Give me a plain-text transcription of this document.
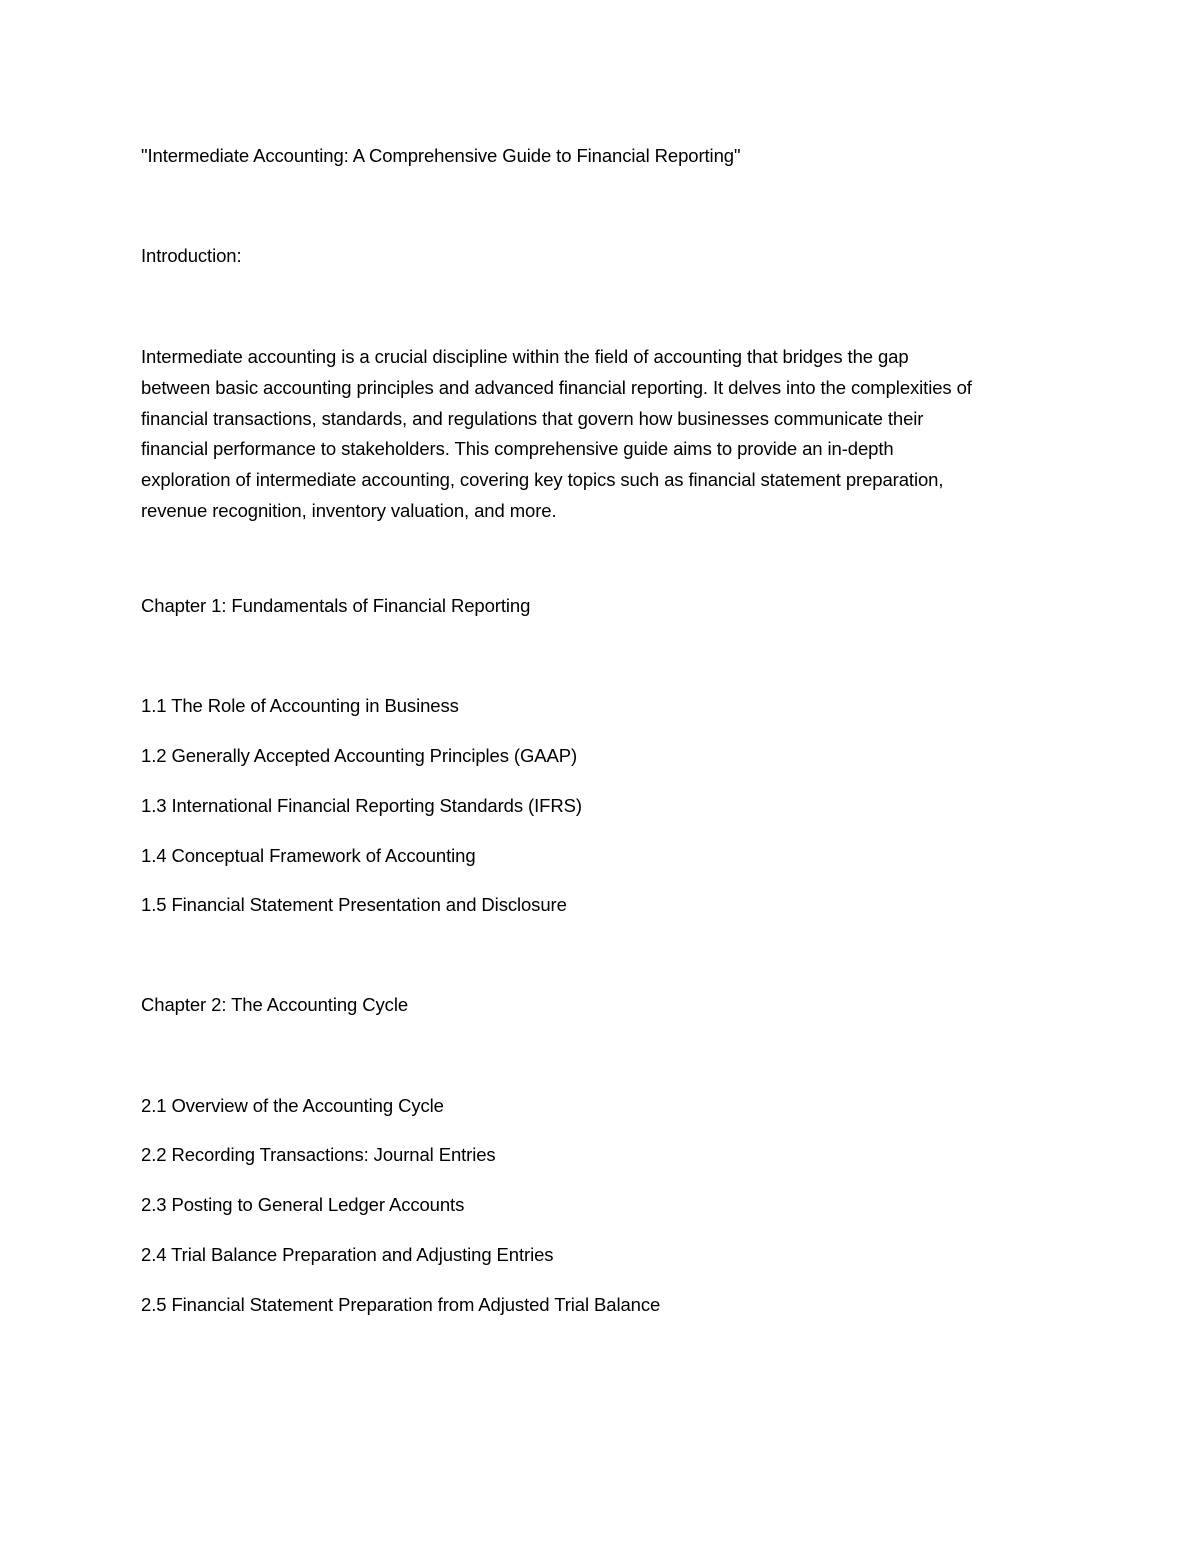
"Intermediate Accounting: A Comprehensive Guide to Financial Reporting"
Introduction:
Intermediate accounting is a crucial discipline within the field of accounting that bridges the gap
between basic accounting principles and advanced financial reporting. It delves into the complexities of
financial transactions, standards, and regulations that govern how businesses communicate their
financial performance to stakeholders. This comprehensive guide aims to provide an in-depth
exploration of intermediate accounting, covering key topics such as financial statement preparation,
revenue recognition, inventory valuation, and more.
Chapter 1: Fundamentals of Financial Reporting
1.1 The Role of Accounting in Business
1.2 Generally Accepted Accounting Principles (GAAP)
1.3 International Financial Reporting Standards (IFRS)
1.4 Conceptual Framework of Accounting
1.5 Financial Statement Presentation and Disclosure
Chapter 2: The Accounting Cycle
2.1 Overview of the Accounting Cycle
2.2 Recording Transactions: Journal Entries
2.3 Posting to General Ledger Accounts
2.4 Trial Balance Preparation and Adjusting Entries
2.5 Financial Statement Preparation from Adjusted Trial Balance
